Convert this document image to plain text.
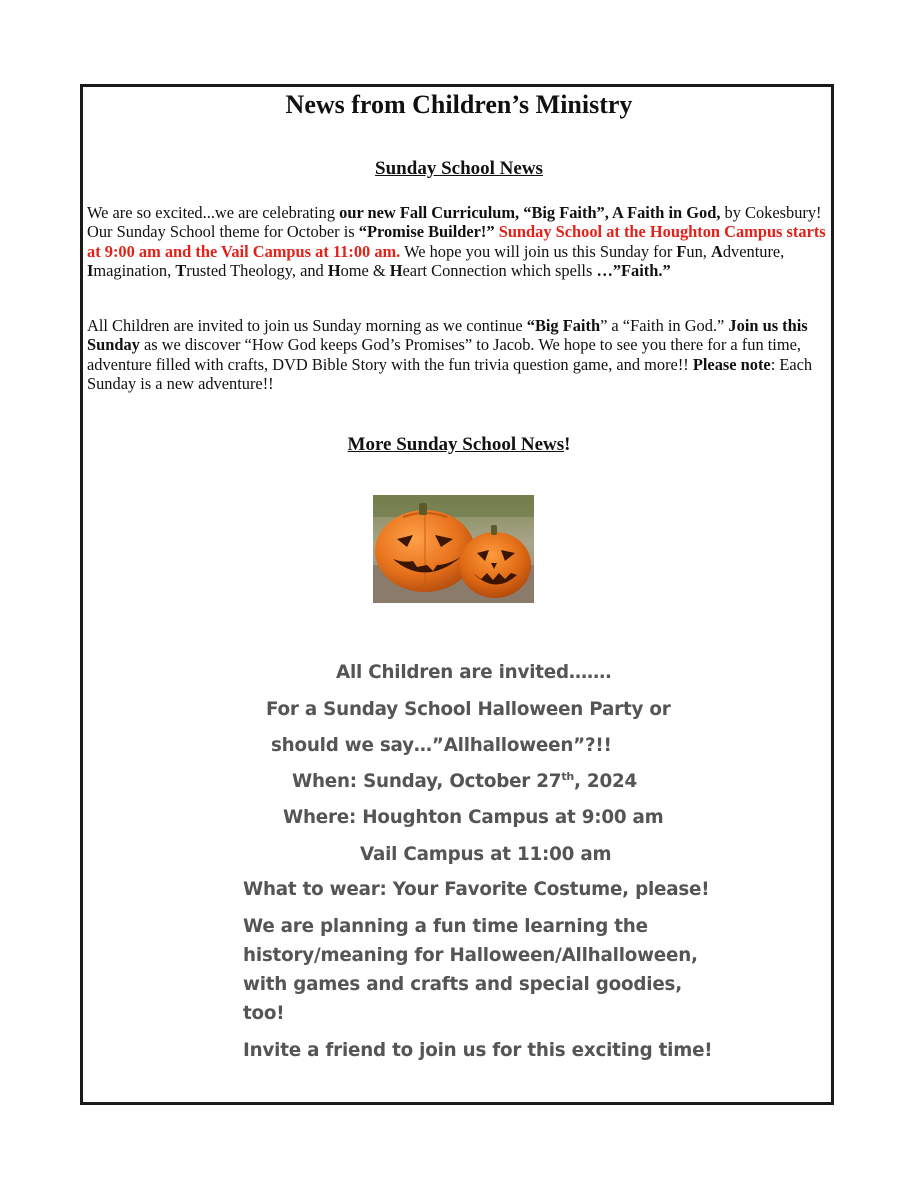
News from Children’s Ministry
Sunday School News
We are so excited...we are celebrating our new Fall Curriculum, “Big Faith”, A Faith in God, by Cokesbury! Our Sunday School theme for October is “Promise Builder!” Sunday School at the Houghton Campus starts at 9:00 am and the Vail Campus at 11:00 am. We hope you will join us this Sunday for Fun, Adventure, Imagination, Trusted Theology, and Home & Heart Connection which spells …”Faith.”
All Children are invited to join us Sunday morning as we continue “Big Faith” a “Faith in God.” Join us this Sunday as we discover “How God keeps God’s Promises” to Jacob. We hope to see you there for a fun time, adventure filled with crafts, DVD Bible Story with the fun trivia question game, and more!! Please note: Each Sunday is a new adventure!!
More Sunday School News!
All Children are invited…….
For a Sunday School Halloween Party or
should we say…”Allhalloween”?!!
When: Sunday, October 27th, 2024
Where: Houghton Campus at 9:00 am
Vail Campus at 11:00 am
What to wear: Your Favorite Costume, please!
We are planning a fun time learning the
history/meaning for Halloween/Allhalloween,
with games and crafts and special goodies,
too!
Invite a friend to join us for this exciting time!
